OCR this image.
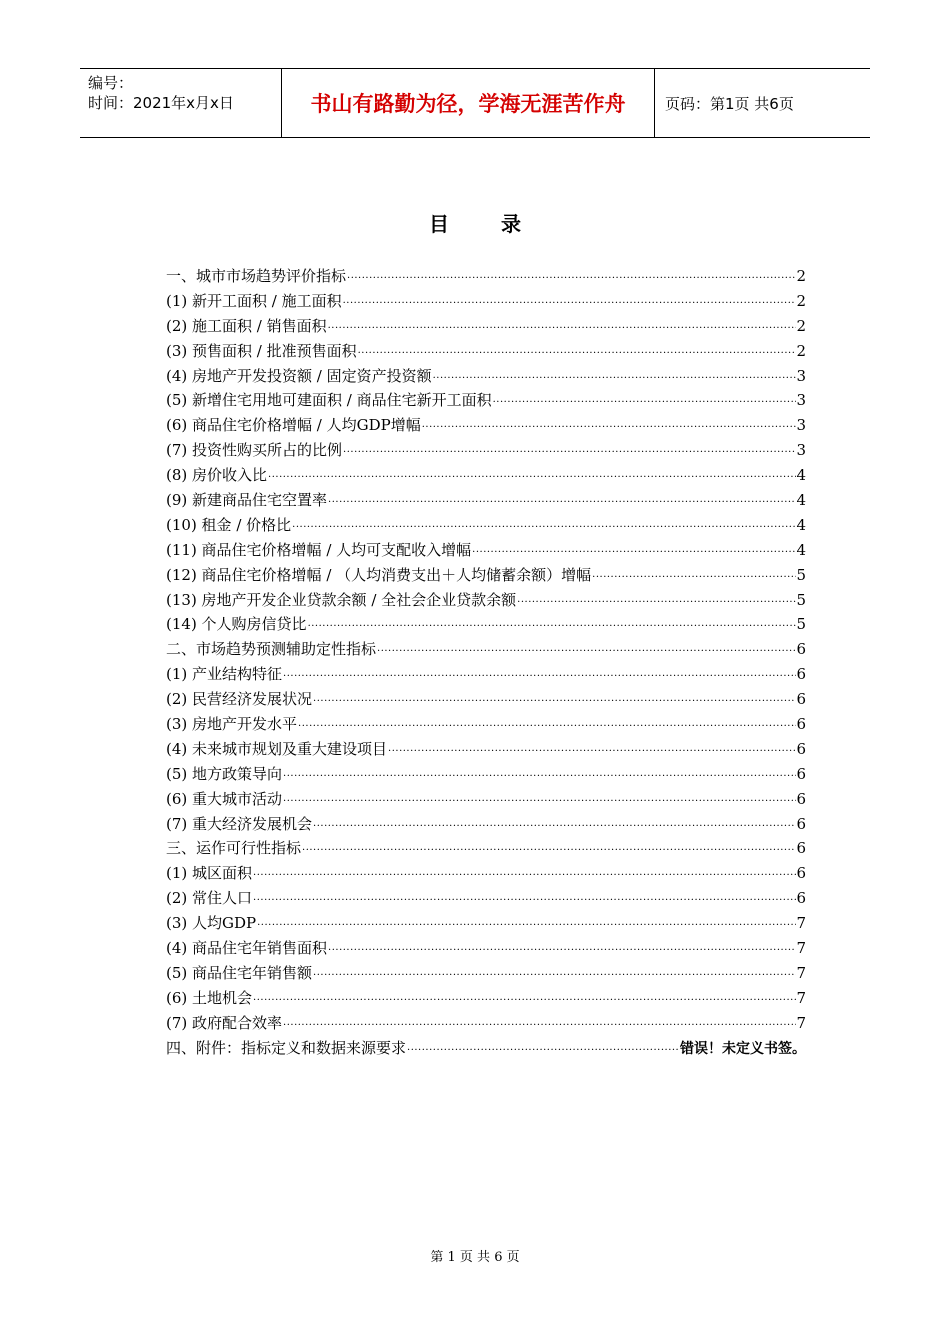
编号：
时间：2021年x月x日	书山有路勤为径，学海无涯苦作舟	页码：第1页 共6页
目录
一、城市市场趋势评价指标 ·····	2
(1) 新开工面积 / 施工面积 ·····	2
(2) 施工面积 / 销售面积 ·····	2
(3) 预售面积 / 批准预售面积 ·····	2
(4) 房地产开发投资额 / 固定资产投资额 ·····	3
(5) 新增住宅用地可建面积 / 商品住宅新开工面积 ·····	3
(6) 商品住宅价格增幅 / 人均GDP增幅 ·····	3
(7) 投资性购买所占的比例 ·····	3
(8) 房价收入比 ·····	4
(9) 新建商品住宅空置率 ·····	4
(10) 租金 / 价格比 ·····	4
(11) 商品住宅价格增幅 / 人均可支配收入增幅 ·····	4
(12) 商品住宅价格增幅 / （人均消费支出＋人均储蓄余额）增幅 ·····	5
(13) 房地产开发企业贷款余额 / 全社会企业贷款余额 ·····	5
(14) 个人购房信贷比 ·····	5
二、市场趋势预测辅助定性指标 ·····	6
(1) 产业结构特征 ·····	6
(2) 民营经济发展状况 ·····	6
(3) 房地产开发水平 ·····	6
(4) 未来城市规划及重大建设项目 ·····	6
(5) 地方政策导向 ·····	6
(6) 重大城市活动 ·····	6
(7) 重大经济发展机会 ·····	6
三、运作可行性指标 ·····	6
(1) 城区面积 ·····	6
(2) 常住人口 ·····	6
(3) 人均GDP ·····	7
(4) 商品住宅年销售面积 ·····	7
(5) 商品住宅年销售额 ·····	7
(6) 土地机会 ·····	7
(7) 政府配合效率 ·····	7
四、附件：指标定义和数据来源要求 ·····	错误！未定义书签。
第 1 页 共 6 页
